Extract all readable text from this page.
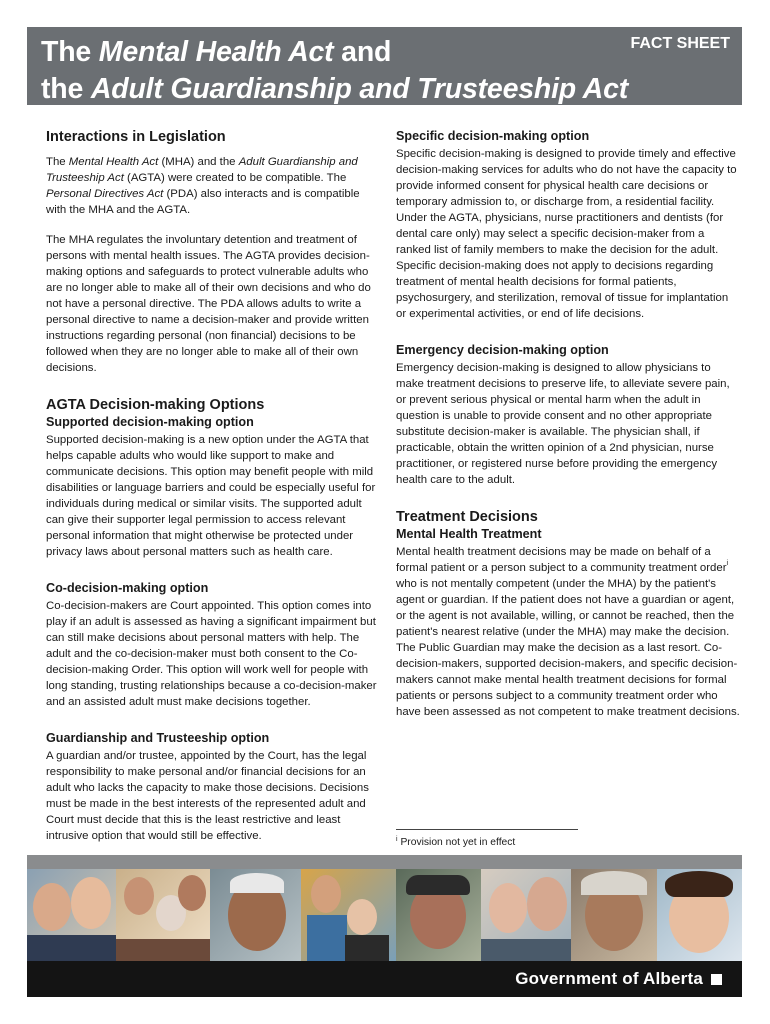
The Mental Health Act and
the Adult Guardianship and Trusteeship Act
FACT SHEET
Interactions in Legislation

The Mental Health Act (MHA) and the Adult Guardianship and Trusteeship Act (AGTA) were created to be compatible. The Personal Directives Act (PDA) also interacts and is compatible with the MHA and the AGTA.

The MHA regulates the involuntary detention and treatment of persons with mental health issues. The AGTA provides decision-making options and safeguards to protect vulnerable adults who are no longer able to make all of their own decisions and who do not have a personal directive. The PDA allows adults to write a personal directive to name a decision-maker and provide written instructions regarding personal (non financial) decisions to be followed when they are no longer able to make all of their own decisions.

AGTA Decision-making Options
Supported decision-making option

Supported decision-making is a new option under the AGTA that helps capable adults who would like support to make and communicate decisions. This option may benefit people with mild disabilities or language barriers and could be especially useful for individuals during medical or similar visits. The supported adult can give their supporter legal permission to access relevant personal information that might otherwise be protected under privacy laws about personal matters such as health care.

Co-decision-making option

Co-decision-makers are Court appointed. This option comes into play if an adult is assessed as having a significant impairment but can still make decisions about personal matters with help. The adult and the co-decision-maker must both consent to the Co-decision-making Order. This option will work well for people with long standing, trusting relationships because a co-decision-maker and an assisted adult must make decisions together.

Guardianship and Trusteeship option

A guardian and/or trustee, appointed by the Court, has the legal responsibility to make personal and/or financial decisions for an adult who lacks the capacity to make those decisions. Decisions must be made in the best interests of the represented adult and Court must decide that this is the least restrictive and least intrusive option that would still be effective.

Specific decision-making option

Specific decision-making is designed to provide timely and effective decision-making services for adults who do not have the capacity to provide informed consent for physical health care decisions or temporary admission to, or discharge from, a residential facility. Under the AGTA, physicians, nurse practitioners and dentists (for dental care only) may select a specific decision-maker from a ranked list of family members to make the decision for the adult. Specific decision-making does not apply to decisions regarding treatment of mental health decisions for formal patients, psychosurgery, and sterilization, removal of tissue for implantation or experimental activities, or end of life decisions.

Emergency decision-making option

Emergency decision-making is designed to allow physicians to make treatment decisions to preserve life, to alleviate severe pain, or prevent serious physical or mental harm when the adult in question is unable to provide consent and no other appropriate substitute decision-maker is available. The physician shall, if practicable, obtain the written opinion of a 2nd physician, nurse practitioner, or registered nurse before providing the emergency health care to the adult.

Treatment Decisions
Mental Health Treatment

Mental health treatment decisions may be made on behalf of a formal patient or a person subject to a community treatment order$^i$ who is not mentally competent (under the MHA) by the patient's agent or guardian. If the patient does not have a guardian or agent, or the agent is not available, willing, or cannot be reached, then the patient's nearest relative (under the MHA) may make the decision. The Public Guardian may make the decision as a last resort. Co-decision-makers, supported decision-makers, and specific decision-makers cannot make mental health treatment decisions for formal patients or persons subject to a community treatment order who have been assessed as not competent to make treatment decisions.

$^i$ Provision not yet in effect
Government of Alberta
